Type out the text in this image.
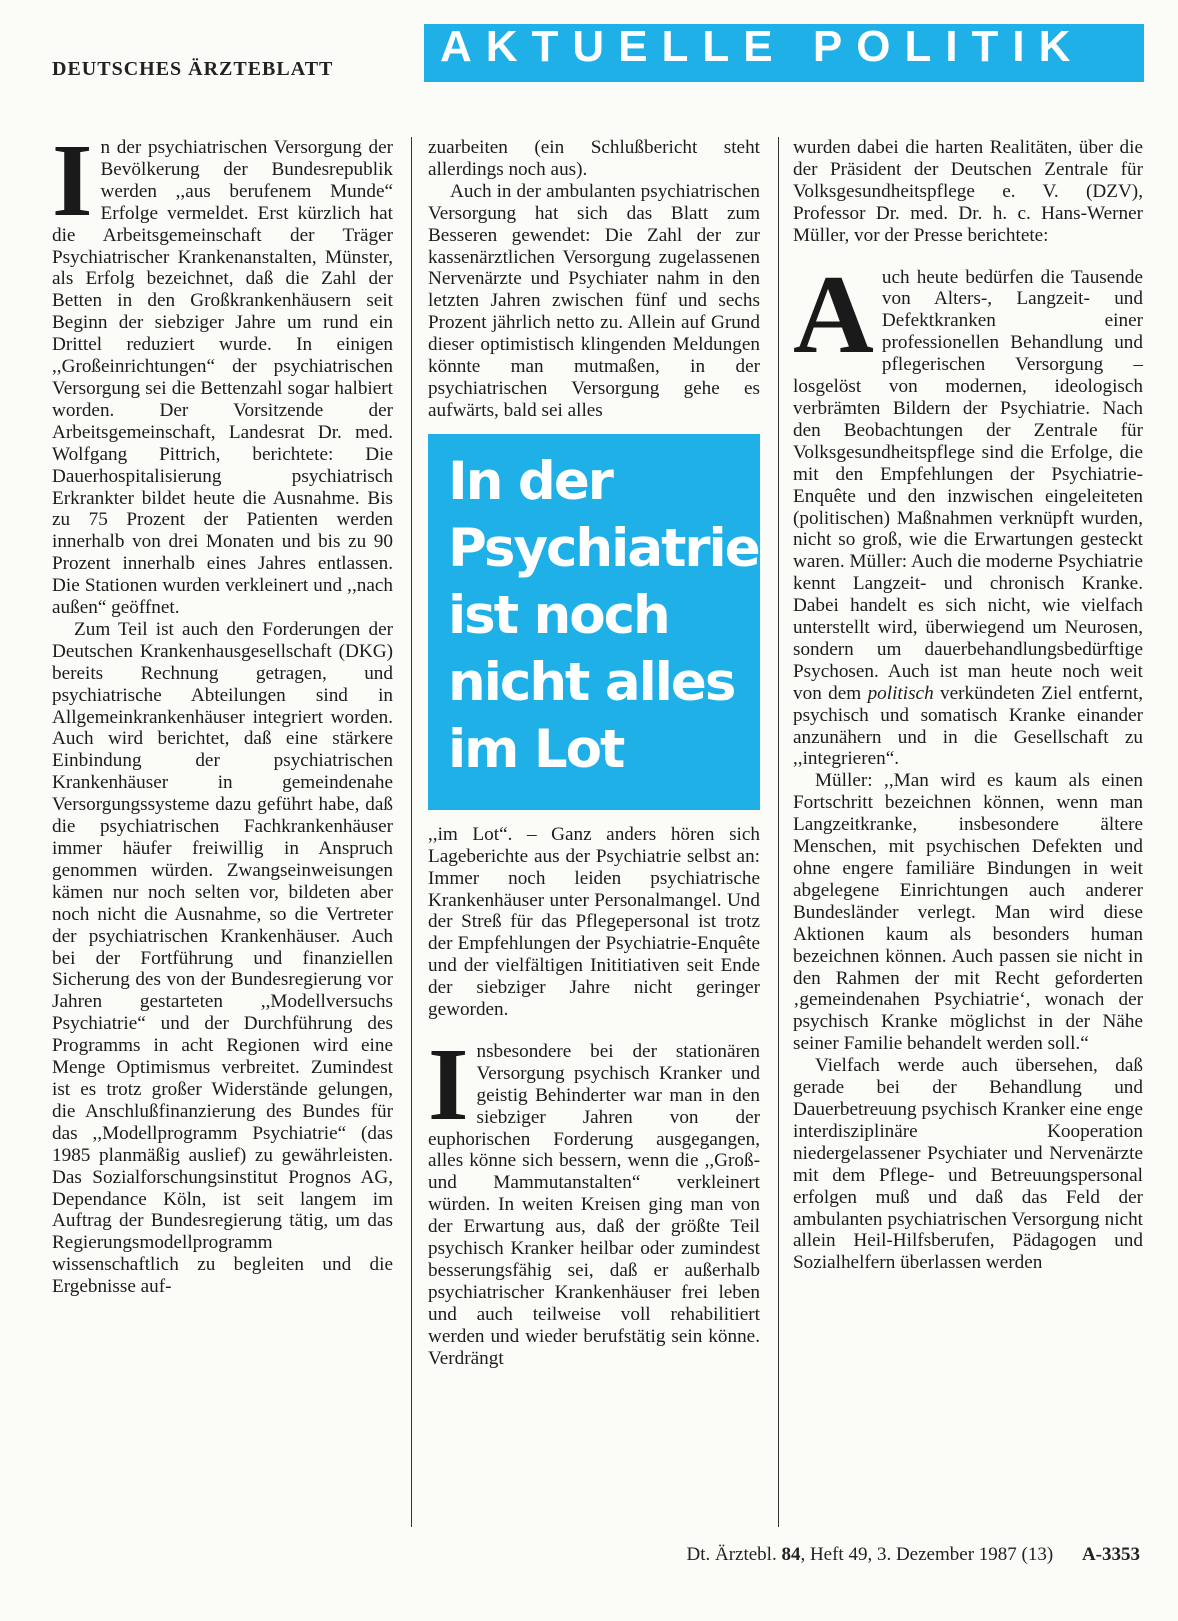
DEUTSCHES ÄRZTEBLATT	AKTUELLE POLITIK

In der psychiatrischen Versorgung der Bevölkerung der Bundesrepublik werden ,,aus berufenem Munde“ Erfolge vermeldet. Erst kürzlich hat die Arbeitsgemeinschaft der Träger Psychiatrischer Krankenanstalten, Münster, als Erfolg bezeichnet, daß die Zahl der Betten in den Großkrankenhäusern seit Beginn der siebziger Jahre um rund ein Drittel reduziert wurde. In einigen ,,Großeinrichtungen“ der psychiatrischen Versorgung sei die Bettenzahl sogar halbiert worden. Der Vorsitzende der Arbeitsgemeinschaft, Landesrat Dr. med. Wolfgang Pittrich, berichtete: Die Dauerhospitalisierung psychiatrisch Erkrankter bildet heute die Ausnahme. Bis zu 75 Prozent der Patienten werden innerhalb von drei Monaten und bis zu 90 Prozent innerhalb eines Jahres entlassen. Die Stationen wurden verkleinert und ,,nach außen“ geöffnet.

Zum Teil ist auch den Forderungen der Deutschen Krankenhausgesellschaft (DKG) bereits Rechnung getragen, und psychiatrische Abteilungen sind in Allgemeinkrankenhäuser integriert worden. Auch wird berichtet, daß eine stärkere Einbindung der psychiatrischen Krankenhäuser in gemeindenahe Versorgungssysteme dazu geführt habe, daß die psychiatrischen Fachkrankenhäuser immer häufer freiwillig in Anspruch genommen würden. Zwangseinweisungen kämen nur noch selten vor, bildeten aber noch nicht die Ausnahme, so die Vertreter der psychiatrischen Krankenhäuser. Auch bei der Fortführung und finanziellen Sicherung des von der Bundesregierung vor Jahren gestarteten ,,Modellversuchs Psychiatrie“ und der Durchführung des Programms in acht Regionen wird eine Menge Optimismus verbreitet. Zumindest ist es trotz großer Widerstände gelungen, die Anschlußfinanzierung des Bundes für das ,,Modellprogramm Psychiatrie“ (das 1985 planmäßig auslief) zu gewährleisten. Das Sozialforschungsinstitut Prognos AG, Dependance Köln, ist seit langem im Auftrag der Bundesregierung tätig, um das Regierungsmodellprogramm wissenschaftlich zu begleiten und die Ergebnisse auf-

zuarbeiten (ein Schlußbericht steht allerdings noch aus).

Auch in der ambulanten psychiatrischen Versorgung hat sich das Blatt zum Besseren gewendet: Die Zahl der zur kassenärztlichen Versorgung zugelassenen Nervenärzte und Psychiater nahm in den letzten Jahren zwischen fünf und sechs Prozent jährlich netto zu. Allein auf Grund dieser optimistisch klingenden Meldungen könnte man mutmaßen, in der psychiatrischen Versorgung gehe es aufwärts, bald sei alles

In der
Psychiatrie
ist noch
nicht alles
im Lot

,,im Lot“. – Ganz anders hören sich Lageberichte aus der Psychiatrie selbst an: Immer noch leiden psychiatrische Krankenhäuser unter Personalmangel. Und der Streß für das Pflegepersonal ist trotz der Empfehlungen der Psychiatrie-Enquête und der vielfältigen Inititiativen seit Ende der siebziger Jahre nicht geringer geworden.

Insbesondere bei der stationären Versorgung psychisch Kranker und geistig Behinderter war man in den siebziger Jahren von der euphorischen Forderung ausgegangen, alles könne sich bessern, wenn die ,,Groß- und Mammutanstalten“ verkleinert würden. In weiten Kreisen ging man von der Erwartung aus, daß der größte Teil psychisch Kranker heilbar oder zumindest besserungsfähig sei, daß er außerhalb psychiatrischer Krankenhäuser frei leben und auch teilweise voll rehabilitiert werden und wieder berufstätig sein könne. Verdrängt

wurden dabei die harten Realitäten, über die der Präsident der Deutschen Zentrale für Volksgesundheitspflege e. V. (DZV), Professor Dr. med. Dr. h. c. Hans-Werner Müller, vor der Presse berichtete:

Auch heute bedürfen die Tausende von Alters-, Langzeit- und Defektkranken einer professionellen Behandlung und pflegerischen Versorgung – losgelöst von modernen, ideologisch verbrämten Bildern der Psychiatrie. Nach den Beobachtungen der Zentrale für Volksgesundheitspflege sind die Erfolge, die mit den Empfehlungen der Psychiatrie-Enquête und den inzwischen eingeleiteten (politischen) Maßnahmen verknüpft wurden, nicht so groß, wie die Erwartungen gesteckt waren. Müller: Auch die moderne Psychiatrie kennt Langzeit- und chronisch Kranke. Dabei handelt es sich nicht, wie vielfach unterstellt wird, überwiegend um Neurosen, sondern um dauerbehandlungsbedürftige Psychosen. Auch ist man heute noch weit von dem politisch verkündeten Ziel entfernt, psychisch und somatisch Kranke einander anzunähern und in die Gesellschaft zu ,,integrieren“.

Müller: ,,Man wird es kaum als einen Fortschritt bezeichnen können, wenn man Langzeitkranke, insbesondere ältere Menschen, mit psychischen Defekten und ohne engere familiäre Bindungen in weit abgelegene Einrichtungen auch anderer Bundesländer verlegt. Man wird diese Aktionen kaum als besonders human bezeichnen können. Auch passen sie nicht in den Rahmen der mit Recht geforderten ‚gemeindenahen Psychiatrie‘, wonach der psychisch Kranke möglichst in der Nähe seiner Familie behandelt werden soll.“

Vielfach werde auch übersehen, daß gerade bei der Behandlung und Dauerbetreuung psychisch Kranker eine enge interdisziplinäre Kooperation niedergelassener Psychiater und Nervenärzte mit dem Pflege- und Betreuungspersonal erfolgen muß und daß das Feld der ambulanten psychiatrischen Versorgung nicht allein Heil-Hilfsberufen, Pädagogen und Sozialhelfern überlassen werden

Dt. Ärztebl. 84, Heft 49, 3. Dezember 1987 (13) A-3353
